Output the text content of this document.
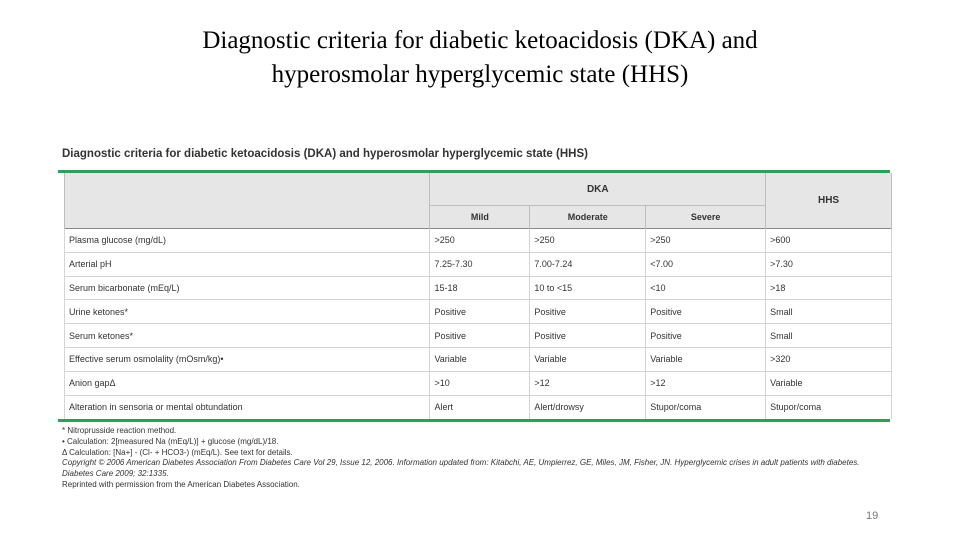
Diagnostic criteria for diabetic ketoacidosis (DKA) and
hyperosmolar hyperglycemic state (HHS)
Diagnostic criteria for diabetic ketoacidosis (DKA) and hyperosmolar hyperglycemic state (HHS)
	DKA			HHS
	Mild	Moderate	Severe	
Plasma glucose (mg/dL)	>250	>250	>250	>600
Arterial pH	7.25-7.30	7.00-7.24	<7.00	>7.30
Serum bicarbonate (mEq/L)	15-18	10 to <15	<10	>18
Urine ketones*	Positive	Positive	Positive	Small
Serum ketones*	Positive	Positive	Positive	Small
Effective serum osmolality (mOsm/kg)•	Variable	Variable	Variable	>320
Anion gapΔ	>10	>12	>12	Variable
Alteration in sensoria or mental obtundation	Alert	Alert/drowsy	Stupor/coma	Stupor/coma
* Nitroprusside reaction method.
• Calculation: 2[measured Na (mEq/L)] + glucose (mg/dL)/18.
Δ Calculation: [Na+] - (Cl- + HCO3-) (mEq/L). See text for details.
Copyright © 2006 American Diabetes Association From Diabetes Care Vol 29, Issue 12, 2006. Information updated from: Kitabchi, AE, Umpierrez, GE, Miles, JM, Fisher, JN. Hyperglycemic crises in adult patients with diabetes. Diabetes Care 2009; 32:1335.
Reprinted with permission from the American Diabetes Association.
19
